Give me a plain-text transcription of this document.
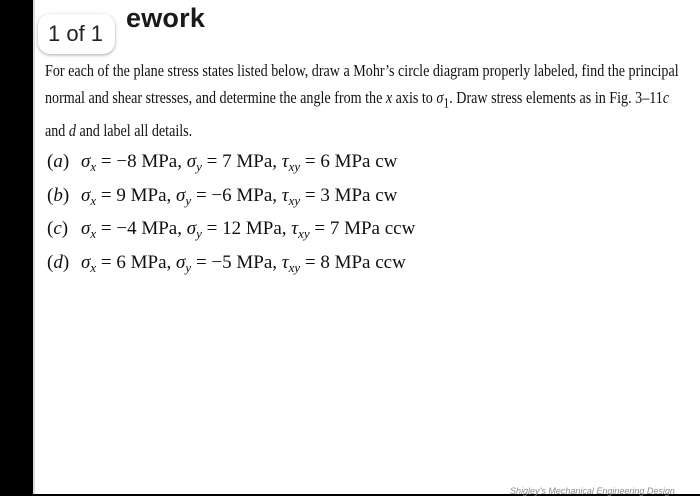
1 of 1
ework
For each of the plane stress states listed below, draw a Mohr’s circle diagram properly labeled, find the principal normal and shear stresses, and determine the angle from the x axis to $\sigma_1$. Draw stress elements as in Fig. 3–11c and d and label all details.
(a) $\sigma_x = -8$ MPa, $\sigma_y = 7$ MPa, $\tau_{xy} = 6$ MPa cw
(b) $\sigma_x = 9$ MPa, $\sigma_y = -6$ MPa, $\tau_{xy} = 3$ MPa cw
(c) $\sigma_x = -4$ MPa, $\sigma_y = 12$ MPa, $\tau_{xy} = 7$ MPa ccw
(d) $\sigma_x = 6$ MPa, $\sigma_y = -5$ MPa, $\tau_{xy} = 8$ MPa ccw
Shigley’s Mechanical Engineering Design
